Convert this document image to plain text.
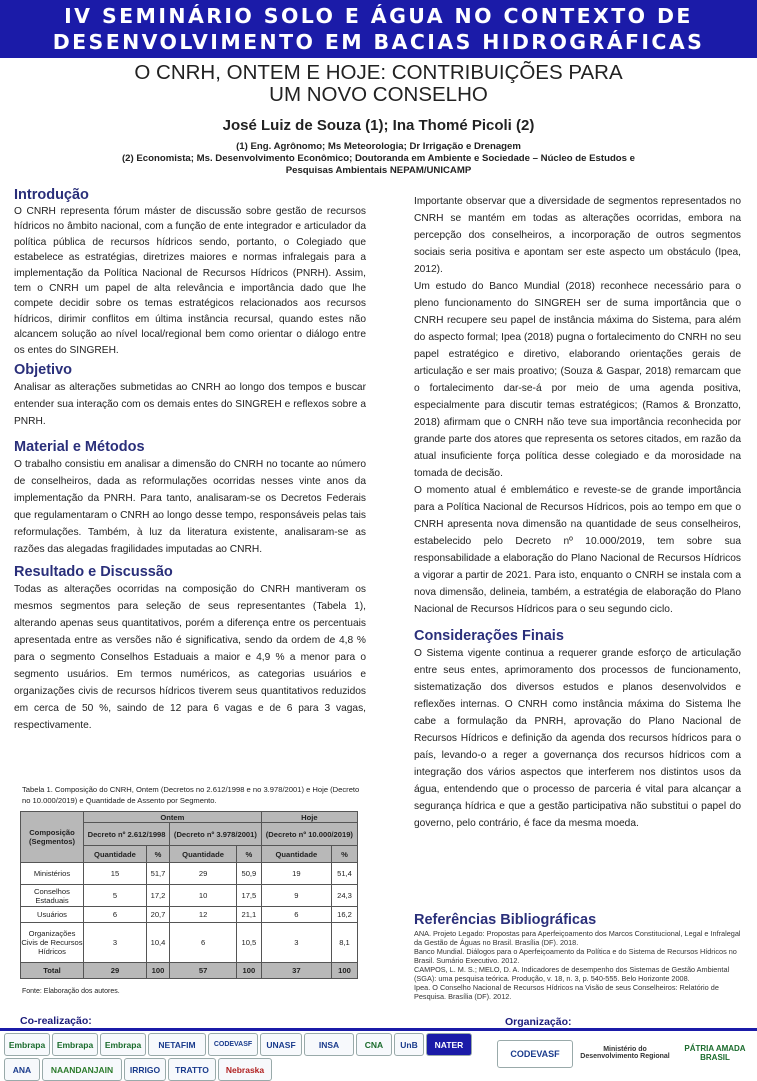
IV SEMINÁRIO SOLO E ÁGUA NO CONTEXTO DE
DESENVOLVIMENTO EM BACIAS HIDROGRÁFICAS
O CNRH, ONTEM E HOJE: CONTRIBUIÇÕES PARA
UM NOVO CONSELHO
José Luiz de Souza (1); Ina Thomé Picoli (2)
(1) Eng. Agrônomo; Ms Meteorologia; Dr Irrigação e Drenagem
(2) Economista; Ms. Desenvolvimento Econômico; Doutoranda em Ambiente e Sociedade – Núcleo de Estudos e Pesquisas Ambientais NEPAM/UNICAMP
Introdução

O CNRH representa fórum máster de discussão sobre gestão de recursos hídricos no âmbito nacional, com a função de ente integrador e articulador da política pública de recursos hídricos sendo, portanto, o Colegiado que estabelece as estratégias, diretrizes maiores e normas infralegais para a implementação da Política Nacional de Recursos Hídricos (PNRH). Assim, tem o CNRH um papel de alta relevância e importância dado que lhe compete decidir sobre os temas estratégicos relacionados aos recursos hídricos, dirimir conflitos em última instância recursal, quando estes não alcancem solução ao nível local/regional bem como orientar o diálogo entre os entes do SINGREH.

Objetivo

Analisar as alterações submetidas ao CNRH ao longo dos tempos e buscar entender sua interação com os demais entes do SINGREH e reflexos sobre a PNRH.

Material e Métodos

O trabalho consistiu em analisar a dimensão do CNRH no tocante ao número de conselheiros, dada as reformulações ocorridas nesses vinte anos da implementação da PNRH. Para tanto, analisaram-se os Decretos Federais que regulamentaram o CNRH ao longo desse tempo, responsáveis pelas tais reformulações. Também, à luz da literatura existente, analisaram-se as razões das alegadas fragilidades imputadas ao CNRH.

Resultado e Discussão

Todas as alterações ocorridas na composição do CNRH mantiveram os mesmos segmentos para seleção de seus representantes (Tabela 1), alterando apenas seus quantitativos, porém a diferença entre os percentuais apresentada entre as versões não é significativa, sendo da ordem de 4,8 % para o segmento Conselhos Estaduais a maior e 4,9 % a menor para o segmento usuários. Em termos numéricos, as categorias usuários e organizações civis de recursos hídricos tiverem seus quantitativos reduzidos em cerca de 50 %, saindo de 12 para 6 vagas e de 6 para 3 vagas, respectivamente.

Tabela 1. Composição do CNRH, Ontem (Decretos no 2.612/1998 e no 3.978/2001) e Hoje (Decreto no 10.000/2019) e Quantidade de Assento por Segmento.
Composição (Segmentos)	Ontem				Hoje	
	Decreto nº 2.612/1998		(Decreto nº 3.978/2001)		(Decreto nº 10.000/2019)	
	Quantidade	%	Quantidade	%	Quantidade	%
Ministérios	15	51,7	29	50,9	19	51,4
Conselhos Estaduais	5	17,2	10	17,5	9	24,3
Usuários	6	20,7	12	21,1	6	16,2
Organizações Civis de Recursos Hídricos	3	10,4	6	10,5	3	8,1
Total	29	100	57	100	37	100
Fonte: Elaboração dos autores.

Importante observar que a diversidade de segmentos representados no CNRH se mantém em todas as alterações ocorridas, embora na percepção dos conselheiros, a incorporação de outros segmentos sociais seria positiva e apontam ser este aspecto um obstáculo (Ipea, 2012).

Um estudo do Banco Mundial (2018) reconhece necessário para o pleno funcionamento do SINGREH ser de suma importância que o CNRH recupere seu papel de instância máxima do Sistema, para além do aspecto formal; Ipea (2018) pugna o fortalecimento do CNRH no seu papel estratégico e diretivo, elaborando orientações gerais de articulação e ser mais proativo; (Souza & Gaspar, 2018) remarcam que o fortalecimento dar-se-á por meio de uma agenda positiva, especialmente para discutir temas estratégicos; (Ramos & Bronzatto, 2018) afirmam que o CNRH não teve sua importância reconhecida por grande parte dos atores que representa os setores citados, em razão da atual insuficiente força política desse colegiado e da morosidade na tomada de decisão.

O momento atual é emblemático e reveste-se de grande importância para a Política Nacional de Recursos Hídricos, pois ao tempo em que o CNRH apresenta nova dimensão na quantidade de seus conselheiros, estabelecido pelo Decreto nº 10.000/2019, tem sobre sua responsabilidade a elaboração do Plano Nacional de Recursos Hídricos a vigorar a partir de 2021. Para isto, enquanto o CNRH se instala com a nova dimensão, delineia, também, a estratégia de elaboração do Plano Nacional de Recursos Hídricos para o seu segundo ciclo.

Considerações Finais

O Sistema vigente continua a requerer grande esforço de articulação entre seus entes, aprimoramento dos processos de funcionamento, sistematização dos diversos estudos e planos desenvolvidos e reflexões internas. O CNRH como instância máxima do Sistema lhe cabe a formulação da PNRH, aprovação do Plano Nacional de Recursos Hídricos e definição da agenda dos recursos hídricos para o país, levando-o a reger a governança dos recursos hídricos com a integração dos vários aspectos que interferem nos distintos usos da água, entendendo que o processo de parceria é vital para alcançar a segurança hídrica e que a gestão participativa não substitui o papel do governo, pelo contrário, é face da mesma moeda.

Referências Bibliográficas

ANA. Projeto Legado: Propostas para Aperfeiçoamento dos Marcos Constitucional, Legal e Infralegal da Gestão de Águas no Brasil. Brasília (DF). 2018.

Banco Mundial. Diálogos para o Aperfeiçoamento da Política e do Sistema de Recursos Hídricos no Brasil. Sumário Executivo. 2012.

CAMPOS, L. M. S.; MELO, D. A. Indicadores de desempenho dos Sistemas de Gestão Ambiental (SGA): uma pesquisa teórica. Produção, v. 18, n. 3, p. 540-555. Belo Horizonte 2008.

Ipea. O Conselho Nacional de Recursos Hídricos na Visão de seus Conselheiros: Relatório de Pesquisa. Brasília (DF). 2012.

Co-realização:	Organização:
Embrapa	Embrapa	Embrapa	NETAFIM	CODEVASF	UNASF	INSA	CNA	UnB	NATER
ANA	NAANDANJAIN	IRRIGO	TRATTO	Nebraska
CODEVASF	Ministério do Desenvolvimento Regional
PÁTRIA AMADA BRASIL
